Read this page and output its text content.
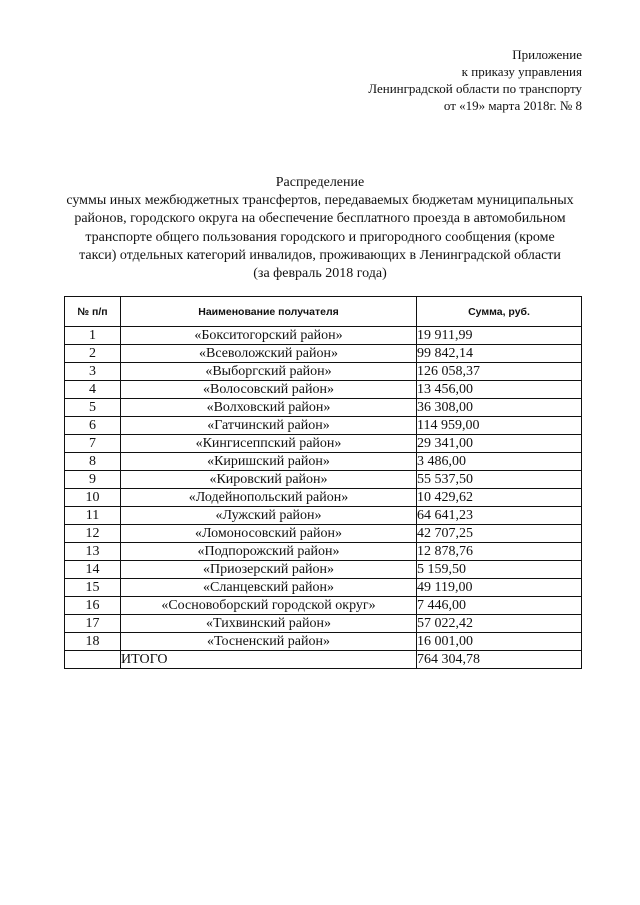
Приложение
к приказу управления
Ленинградской области по транспорту
от «19» марта 2018г. № 8
Распределение
суммы иных межбюджетных трансфертов, передаваемых бюджетам муниципальных
районов, городского округа на обеспечение бесплатного проезда в автомобильном
транспорте общего пользования городского и пригородного сообщения (кроме
такси) отдельных категорий инвалидов, проживающих в Ленинградской области
(за февраль 2018 года)
№ п/п	Наименование получателя	Сумма, руб.
1	«Бокситогорский район»	19 911,99
2	«Всеволожский район»	99 842,14
3	«Выборгский район»	126 058,37
4	«Волосовский район»	13 456,00
5	«Волховский район»	36 308,00
6	«Гатчинский район»	114 959,00
7	«Кингисеппский район»	29 341,00
8	«Киришский район»	3 486,00
9	«Кировский район»	55 537,50
10	«Лодейнопольский район»	10 429,62
11	«Лужский район»	64 641,23
12	«Ломоносовский район»	42 707,25
13	«Подпорожский район»	12 878,76
14	«Приозерский район»	5 159,50
15	«Сланцевский район»	49 119,00
16	«Сосновоборский городской округ»	7 446,00
17	«Тихвинский район»	57 022,42
18	«Тосненский район»	16 001,00
	ИТОГО	764 304,78
